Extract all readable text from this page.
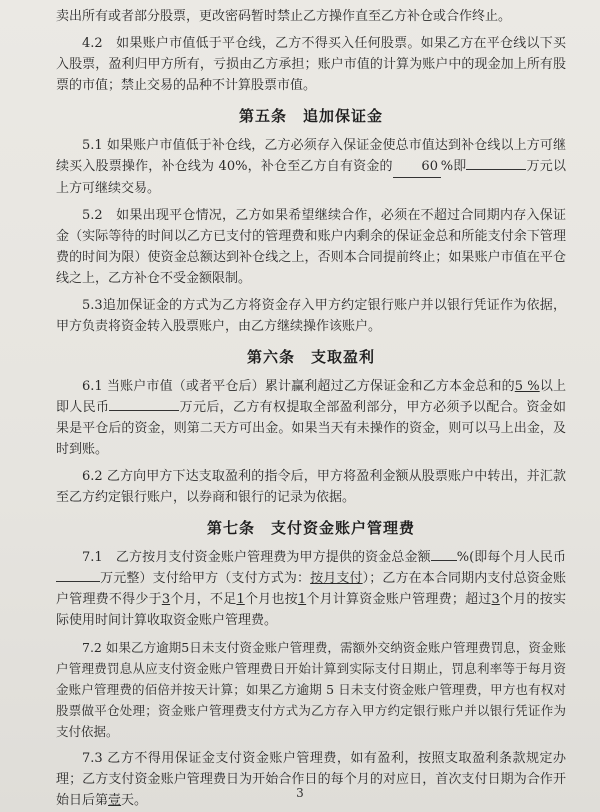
卖出所有或者部分股票，更改密码暂时禁止乙方操作直至乙方补仓或合作终止。

4.2　如果账户市值低于平仓线，乙方不得买入任何股票。如果乙方在平仓线以下买入股票，盈利归甲方所有，亏损由乙方承担；账户市值的计算为账户中的现金加上所有股票的市值；禁止交易的品种不计算股票市值。

第五条　追加保证金

5.1 如果账户市值低于补仓线，乙方必须存入保证金使总市值达到补仓线以上方可继续买入股票操作，补仓线为 40%，补仓至乙方自有资金的 60 %即	万元以上方可继续交易。

5.2　如果出现平仓情况，乙方如果希望继续合作，必须在不超过合同期内存入保证金（实际等待的时间以乙方已支付的管理费和账户内剩余的保证金总和所能支付余下管理费的时间为限）使资金总额达到补仓线之上，否则本合同提前终止；如果账户市值在平仓线之上，乙方补仓不受金额限制。

5.3追加保证金的方式为乙方将资金存入甲方约定银行账户并以银行凭证作为依据，甲方负责将资金转入股票账户，由乙方继续操作该账户。

第六条　支取盈利

6.1 当账户市值（或者平仓后）累计赢利超过乙方保证金和乙方本金总和的5 %以上即人民币	万元后，乙方有权提取全部盈利部分，甲方必须予以配合。资金如果是平仓后的资金，则第二天方可出金。如果当天有未操作的资金，则可以马上出金，及时到账。

6.2 乙方向甲方下达支取盈利的指令后，甲方将盈利金额从股票账户中转出，并汇款至乙方约定银行账户，以券商和银行的记录为依据。

第七条　支付资金账户管理费

7.1　乙方按月支付资金账户管理费为甲方提供的资金总金额 %(即每个月人民币万元整）支付给甲方（支付方式为：按月支付）；乙方在本合同期内支付总资金账户管理费不得少于3个月，不足1个月也按1个月计算资金账户管理费；超过3个月的按实际使用时间计算收取资金账户管理费。

7.2 如果乙方逾期5日未支付资金账户管理费，需额外交纳资金账户管理费罚息，资金账户管理费罚息从应支付资金账户管理费日开始计算到实际支付日期止，罚息利率等于每月资金账户管理费的佰倍并按天计算；如果乙方逾期 5 日未支付资金账户管理费，甲方也有权对股票做平仓处理；资金账户管理费支付方式为乙方存入甲方约定银行账户并以银行凭证作为支付依据。

7.3 乙方不得用保证金支付资金账户管理费，如有盈利，按照支取盈利条款规定办理；乙方支付资金账户管理费日为开始合作日的每个月的对应日，首次支付日期为合作开始日后第壹天。	3
